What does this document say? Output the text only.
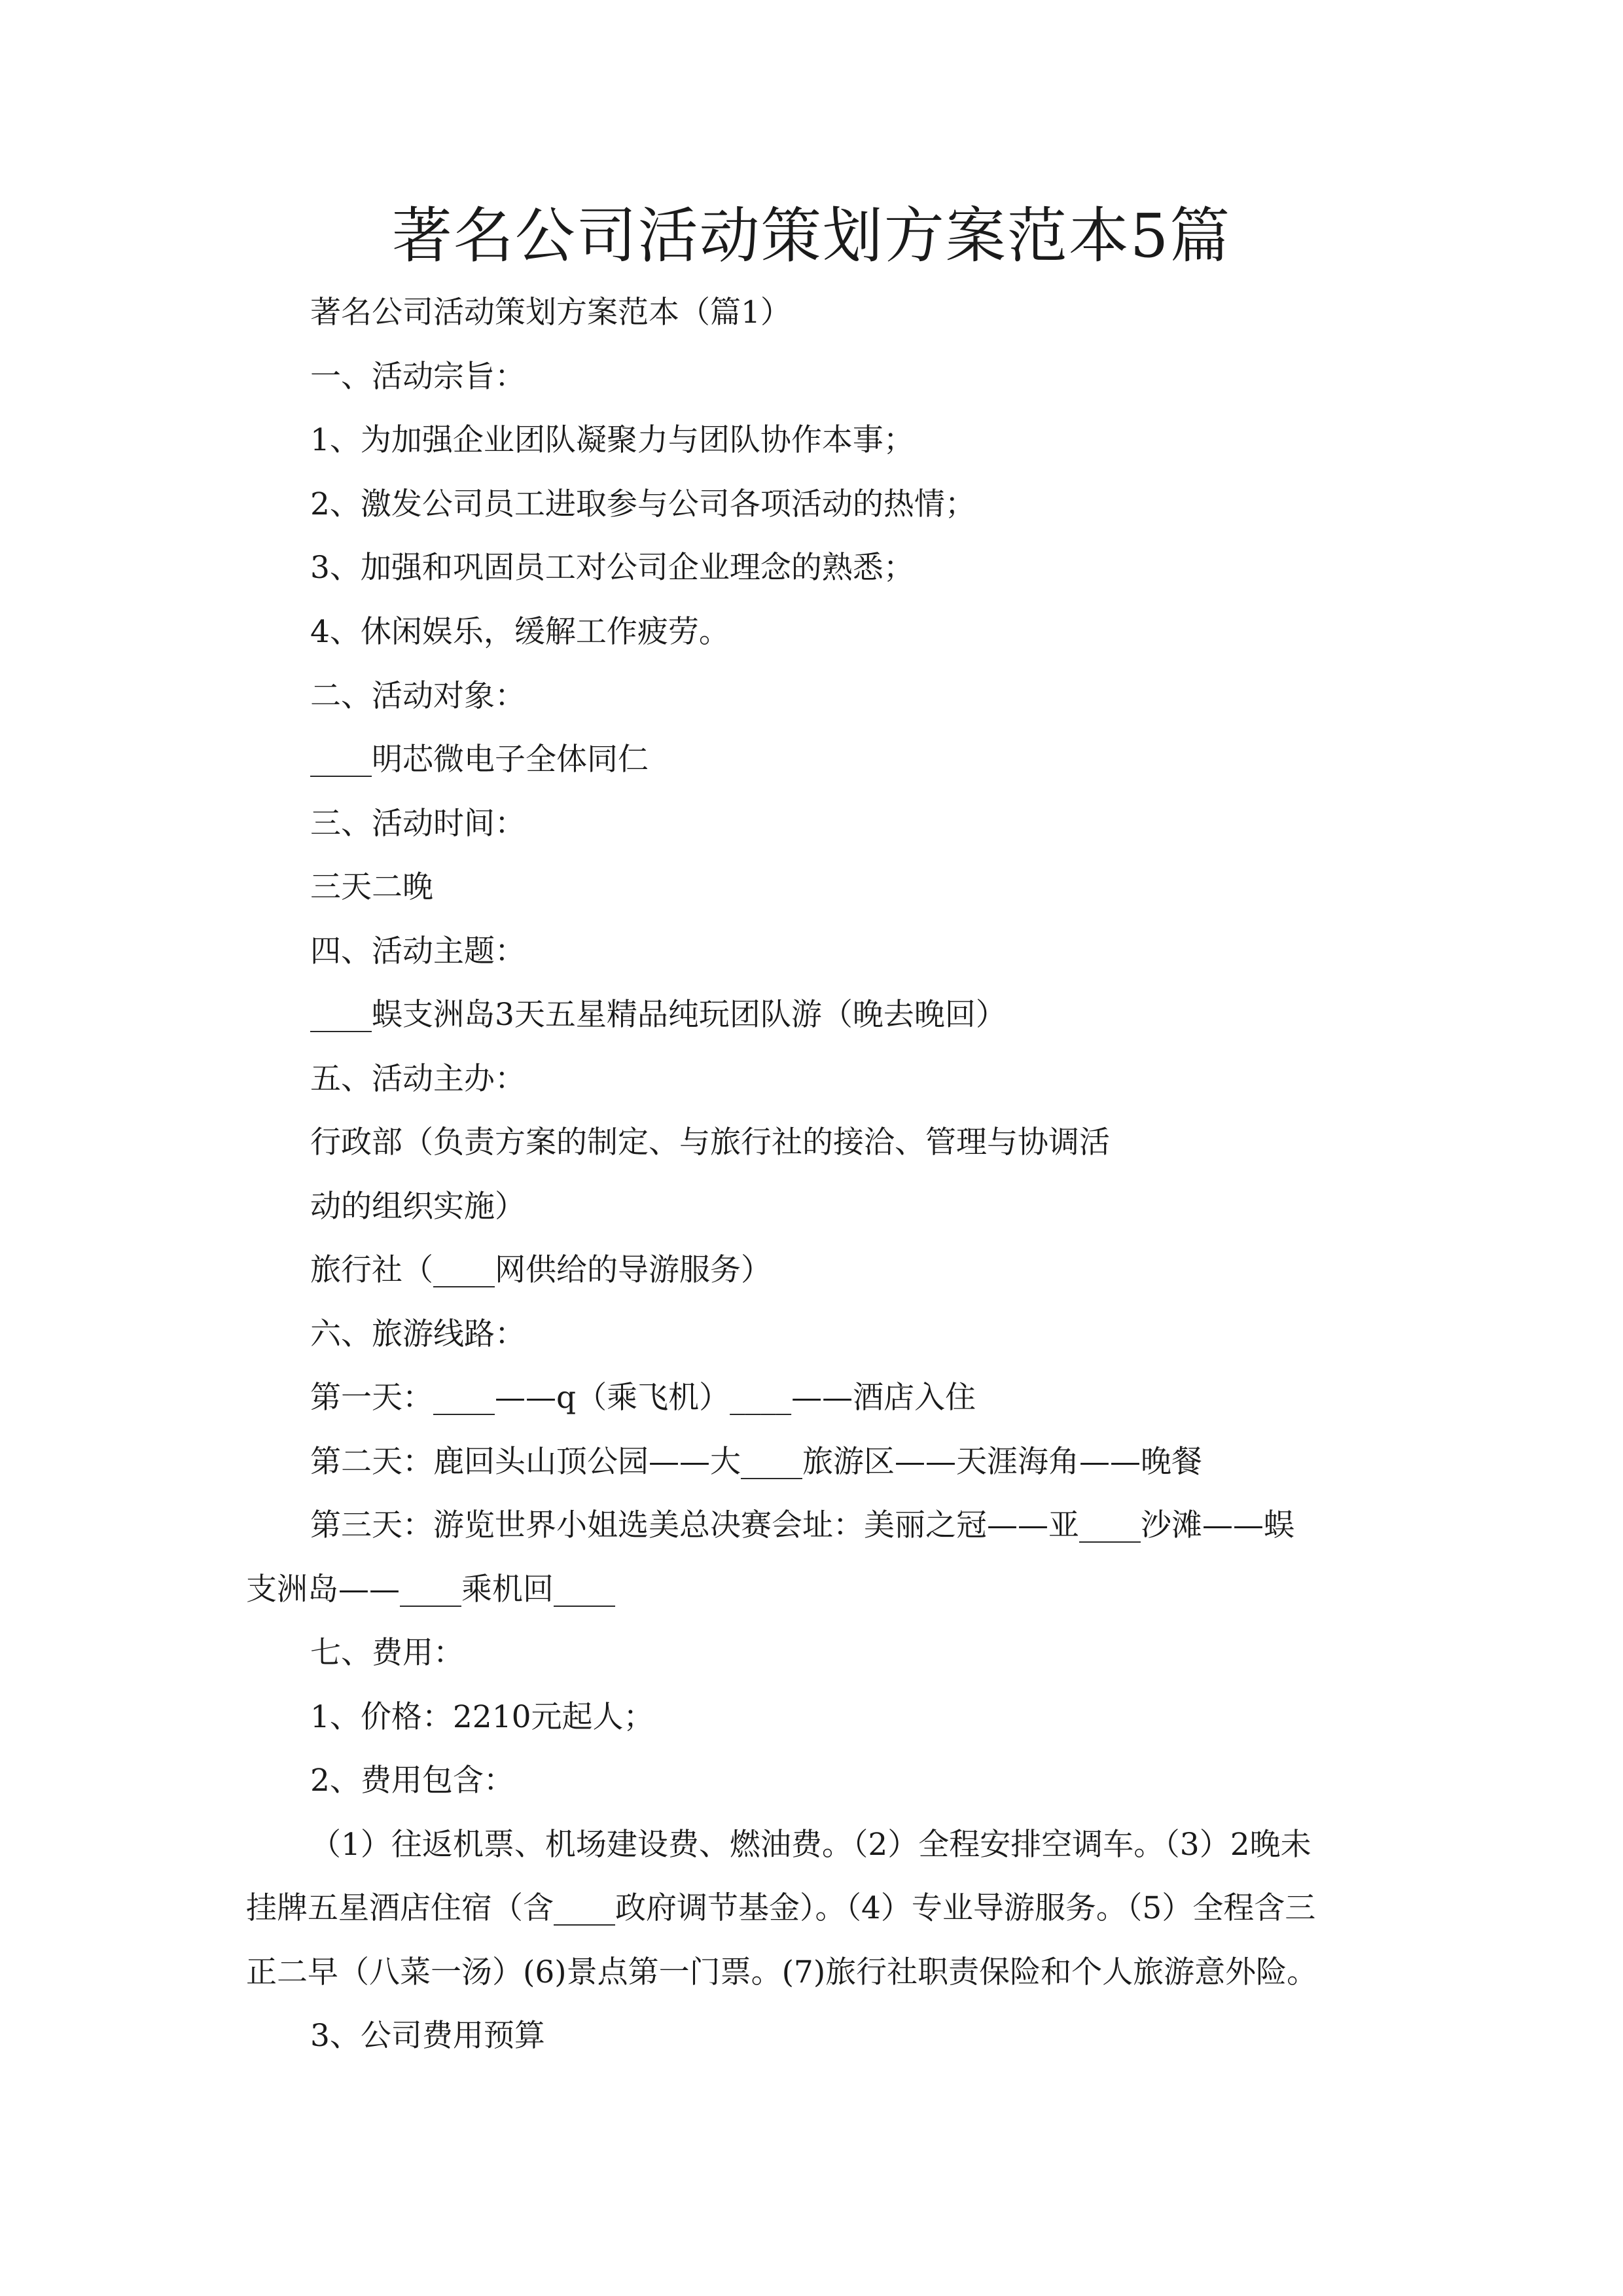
著名公司活动策划方案范本5篇
著名公司活动策划方案范本（篇1）
一、活动宗旨：
1、为加强企业团队凝聚力与团队协作本事；
2、激发公司员工进取参与公司各项活动的热情；
3、加强和巩固员工对公司企业理念的熟悉；
4、休闲娱乐，缓解工作疲劳。
二、活动对象：
____明芯微电子全体同仁
三、活动时间：
三天二晚
四、活动主题：
____蜈支洲岛3天五星精品纯玩团队游（晚去晚回）
五、活动主办：
行政部（负责方案的制定、与旅行社的接洽、管理与协调活
动的组织实施）
旅行社（____网供给的导游服务）
六、旅游线路：
第一天：____——q（乘飞机）____——酒店入住
第二天：鹿回头山顶公园——大____旅游区——天涯海角——晚餐
第三天：游览世界小姐选美总决赛会址：美丽之冠——亚____沙滩——蜈
支洲岛——____乘机回____
七、费用：
1、价格：2210元起人；
2、费用包含：
（1）往返机票、机场建设费、燃油费。（2）全程安排空调车。（3）2晚未
挂牌五星酒店住宿（含____政府调节基金）。（4）专业导游服务。（5）全程含三
正二早（八菜一汤）(6)景点第一门票。(7)旅行社职责保险和个人旅游意外险。
3、公司费用预算
